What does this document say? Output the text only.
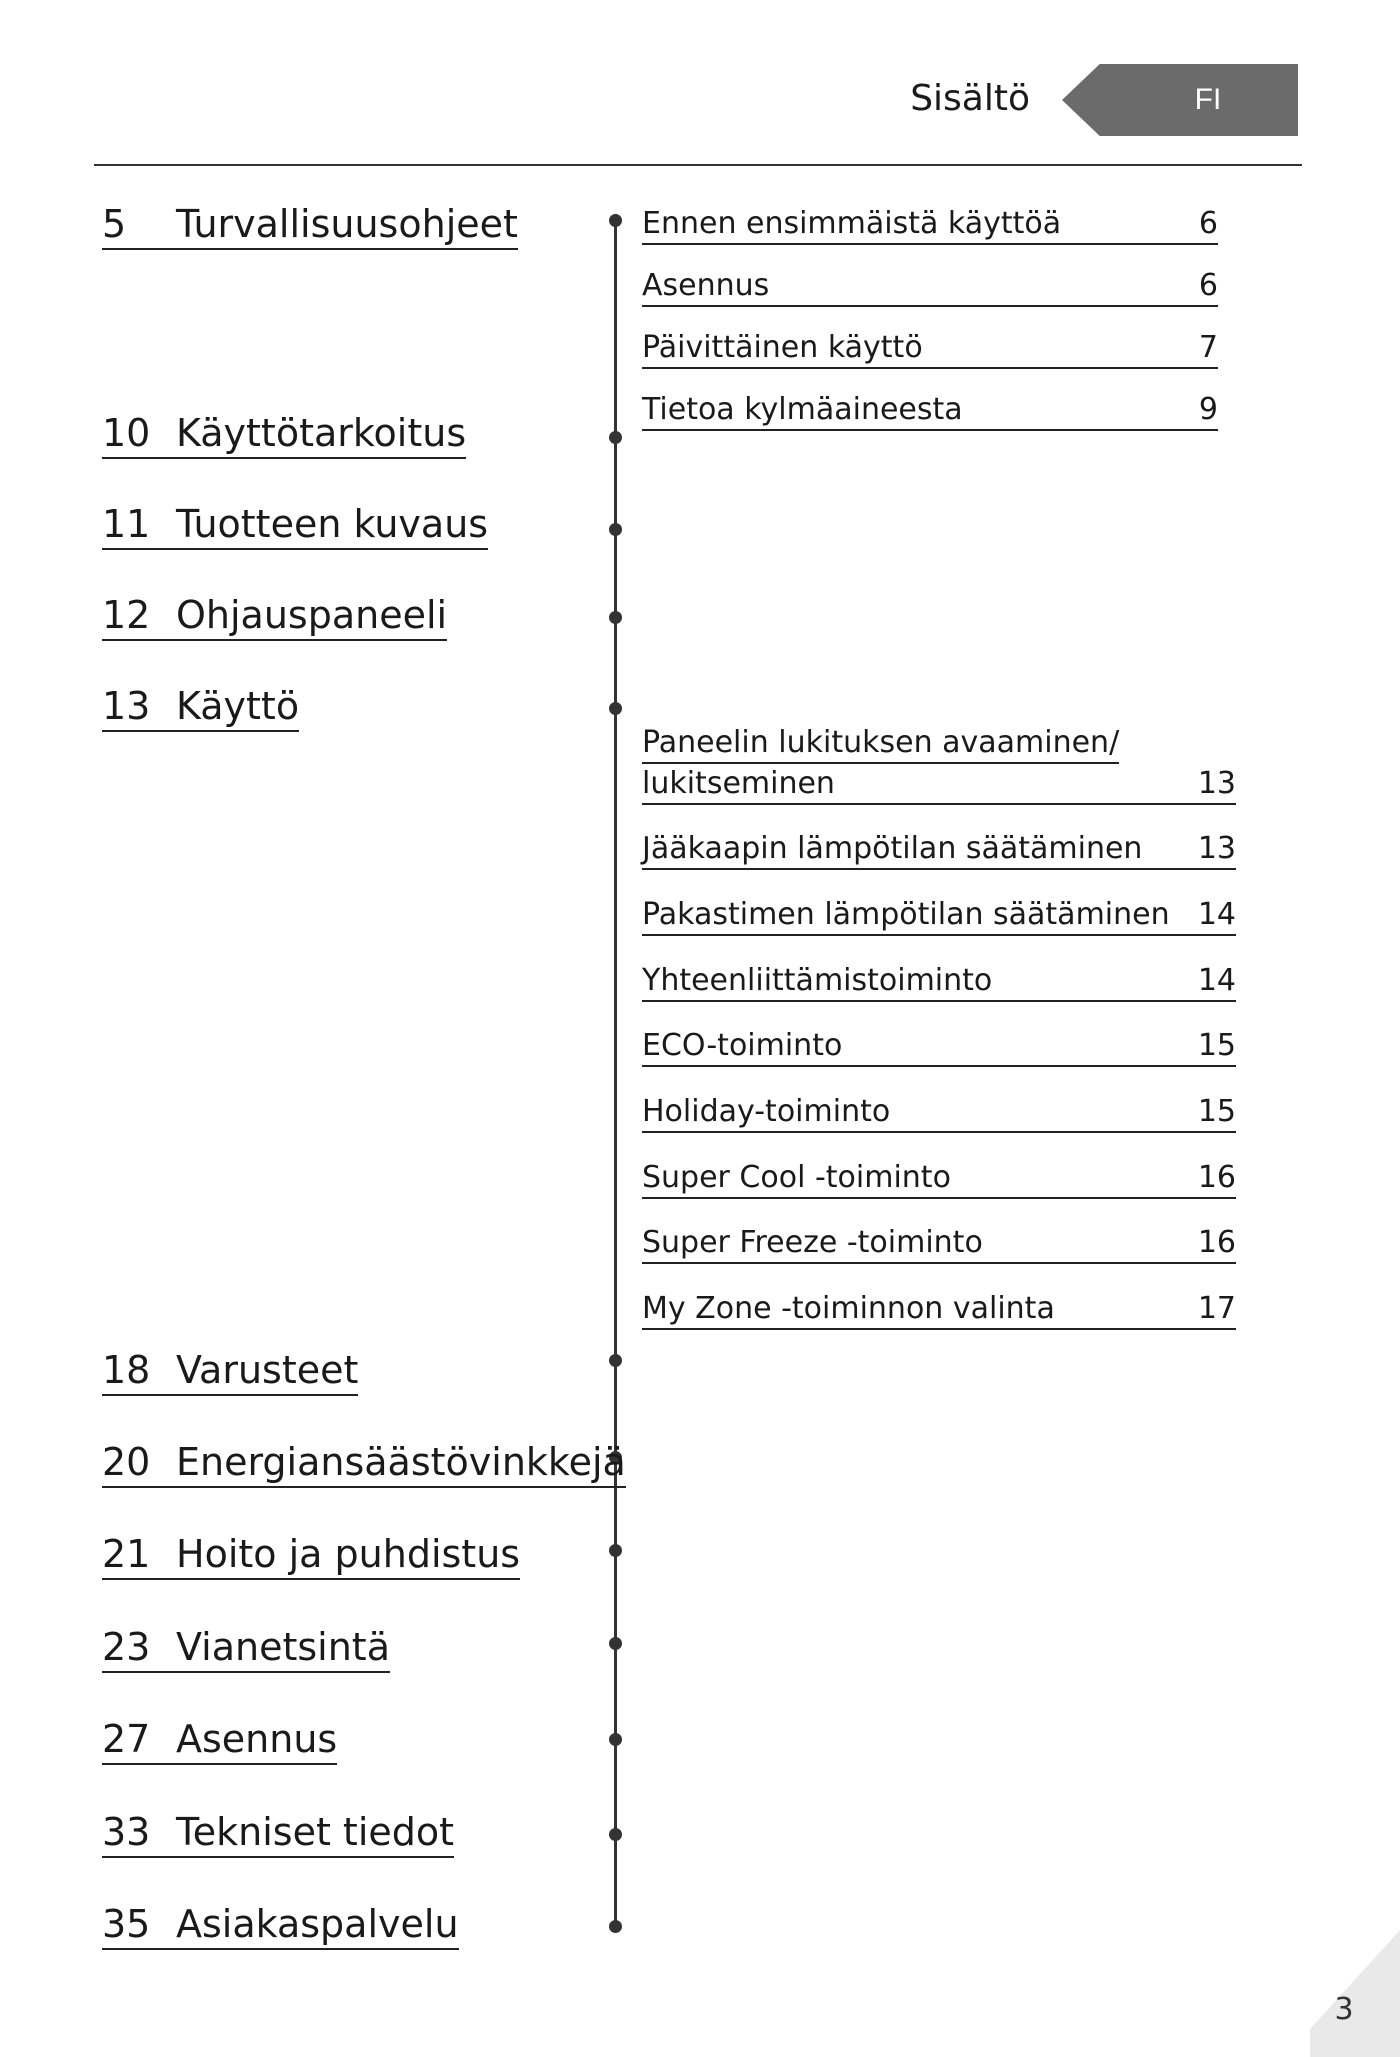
Sisältö	FI
5 Turvallisuusohjeet
10 Käyttötarkoitus
11 Tuotteen kuvaus
12 Ohjauspaneeli
13 Käyttö
18 Varusteet
20 Energiansäästövinkkejä
21 Hoito ja puhdistus
23 Vianetsintä
27 Asennus
33 Tekniset tiedot
35 Asiakaspalvelu
Ennen ensimmäistä käyttöä	6
Asennus	6
Päivittäinen käyttö	7
Tietoa kylmäaineesta	9
Paneelin lukituksen avaaminen/
lukitseminen	13
Jääkaapin lämpötilan säätäminen	13
Pakastimen lämpötilan säätäminen 14
Yhteenliittämistoiminto	14
ECO-toiminto	15
Holiday-toiminto	15
Super Cool -toiminto	16
Super Freeze -toiminto	16
My Zone -toiminnon valinta	17
3
